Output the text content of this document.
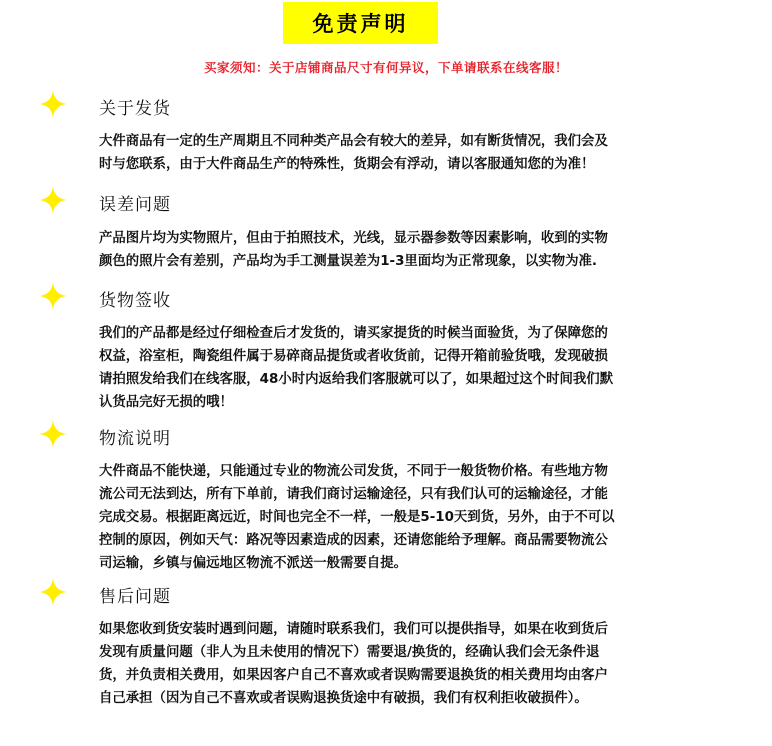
免责声明
买家须知：关于店铺商品尺寸有何异议，下单请联系在线客服！
关于发货
大件商品有一定的生产周期且不同种类产品会有较大的差异，如有断货情况，我们会及
时与您联系，由于大件商品生产的特殊性，货期会有浮动，请以客服通知您的为准！
误差问题
产品图片均为实物照片，但由于拍照技术，光线，显示器参数等因素影响，收到的实物
颜色的照片会有差别，产品均为手工测量误差为1-3里面均为正常现象，以实物为准.
货物签收
我们的产品都是经过仔细检查后才发货的，请买家提货的时候当面验货，为了保障您的
权益，浴室柜，陶瓷组件属于易碎商品提货或者收货前，记得开箱前验货哦，发现破损
请拍照发给我们在线客服，48小时内返给我们客服就可以了，如果超过这个时间我们默
认货品完好无损的哦！
物流说明
大件商品不能快递，只能通过专业的物流公司发货，不同于一般货物价格。有些地方物
流公司无法到达，所有下单前，请我们商讨运输途径，只有我们认可的运输途径，才能
完成交易。根据距离远近，时间也完全不一样，一般是5-10天到货，另外，由于不可以
控制的原因，例如天气：路况等因素造成的因素，还请您能给予理解。商品需要物流公
司运输，乡镇与偏远地区物流不派送一般需要自提。
售后问题
如果您收到货安装时遇到问题，请随时联系我们，我们可以提供指导，如果在收到货后
发现有质量问题（非人为且未使用的情况下）需要退/换货的，经确认我们会无条件退
货，并负责相关费用，如果因客户自己不喜欢或者误购需要退换货的相关费用均由客户
自己承担（因为自己不喜欢或者误购退换货途中有破损，我们有权利拒收破损件）。
